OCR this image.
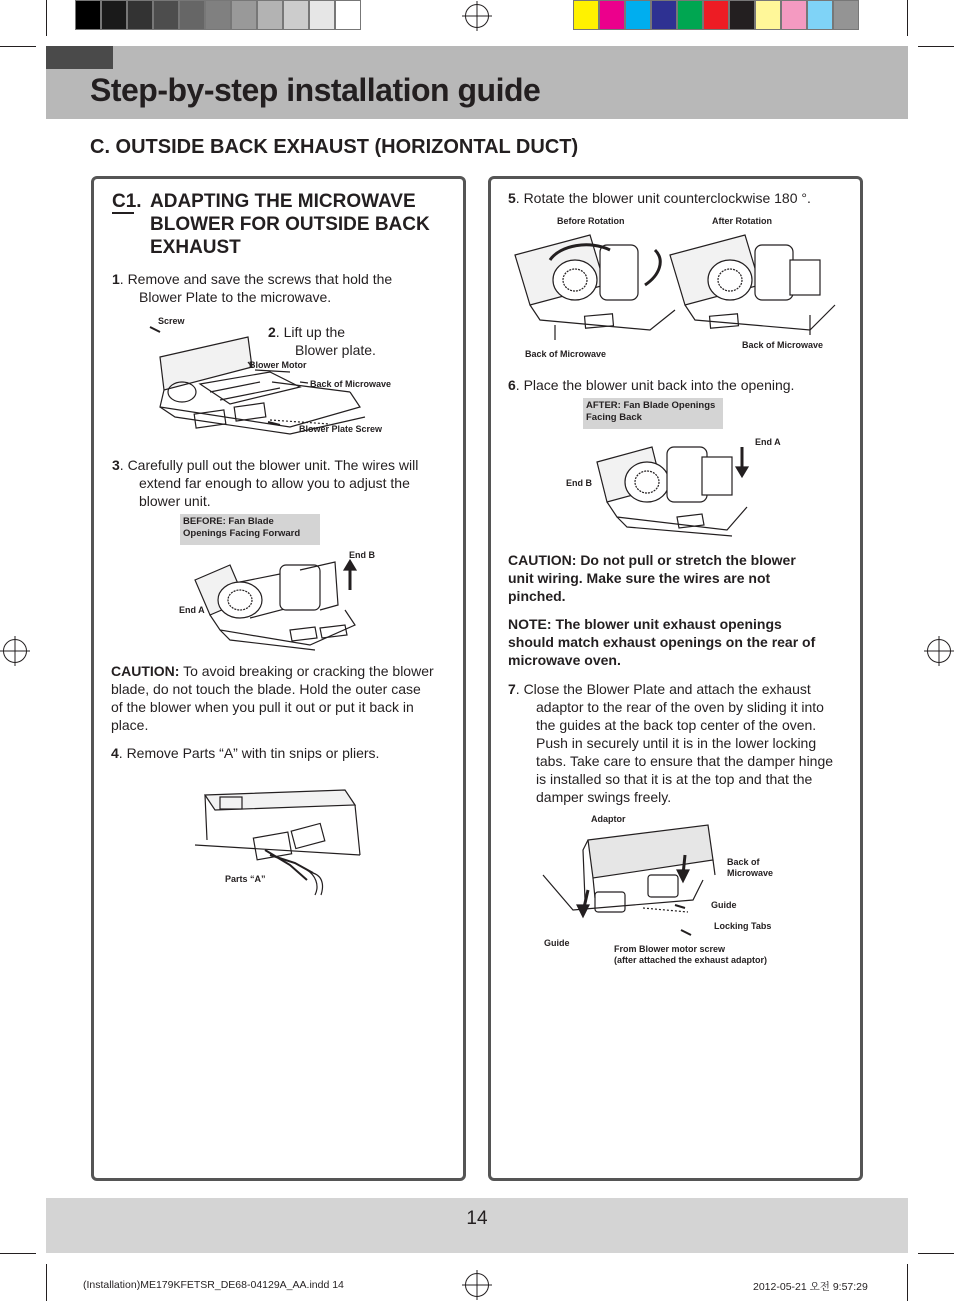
Step-by-step installation guide
C. OUTSIDE BACK EXHAUST (HORIZONTAL DUCT)
C1. ADAPTING THE MICROWAVE
BLOWER FOR OUTSIDE BACK
EXHAUST
1. Remove and save the screws that hold the
Blower Plate to the microwave.
2. Lift up the
Blower plate.
Screw
Blower Motor
Back of Microwave
Blower Plate Screw
3. Carefully pull out the blower unit. The wires will
extend far enough to allow you to adjust the
blower unit.
BEFORE: Fan Blade
Openings Facing Forward
End B
End A
CAUTION: To avoid breaking or cracking the blower
blade, do not touch the blade. Hold the outer case
of the blower when you pull it out or put it back in
place.
4. Remove Parts “A” with tin snips or pliers.
Parts “A”
5. Rotate the blower unit counterclockwise 180 °.
Before Rotation	After Rotation
Back of Microwave
Back of Microwave
6. Place the blower unit back into the opening.
AFTER: Fan Blade Openings
Facing Back
End A
End B
CAUTION: Do not pull or stretch the blower
unit wiring. Make sure the wires are not
pinched.
NOTE: The blower unit exhaust openings
should match exhaust openings on the rear of
microwave oven.
7. Close the Blower Plate and attach the exhaust
adaptor to the rear of the oven by sliding it into
the guides at the back top center of the oven.
Push in securely until it is in the lower locking
tabs. Take care to ensure that the damper hinge
is installed so that it is at the top and that the
damper swings freely.
Adaptor
Back of
Microwave
Guide
Locking Tabs
Guide
From Blower motor screw
(after attached the exhaust adaptor)
14
(Installation)ME179KFETSR_DE68-04129A_AA.indd 14	2012-05-21 오전 9:57:29
